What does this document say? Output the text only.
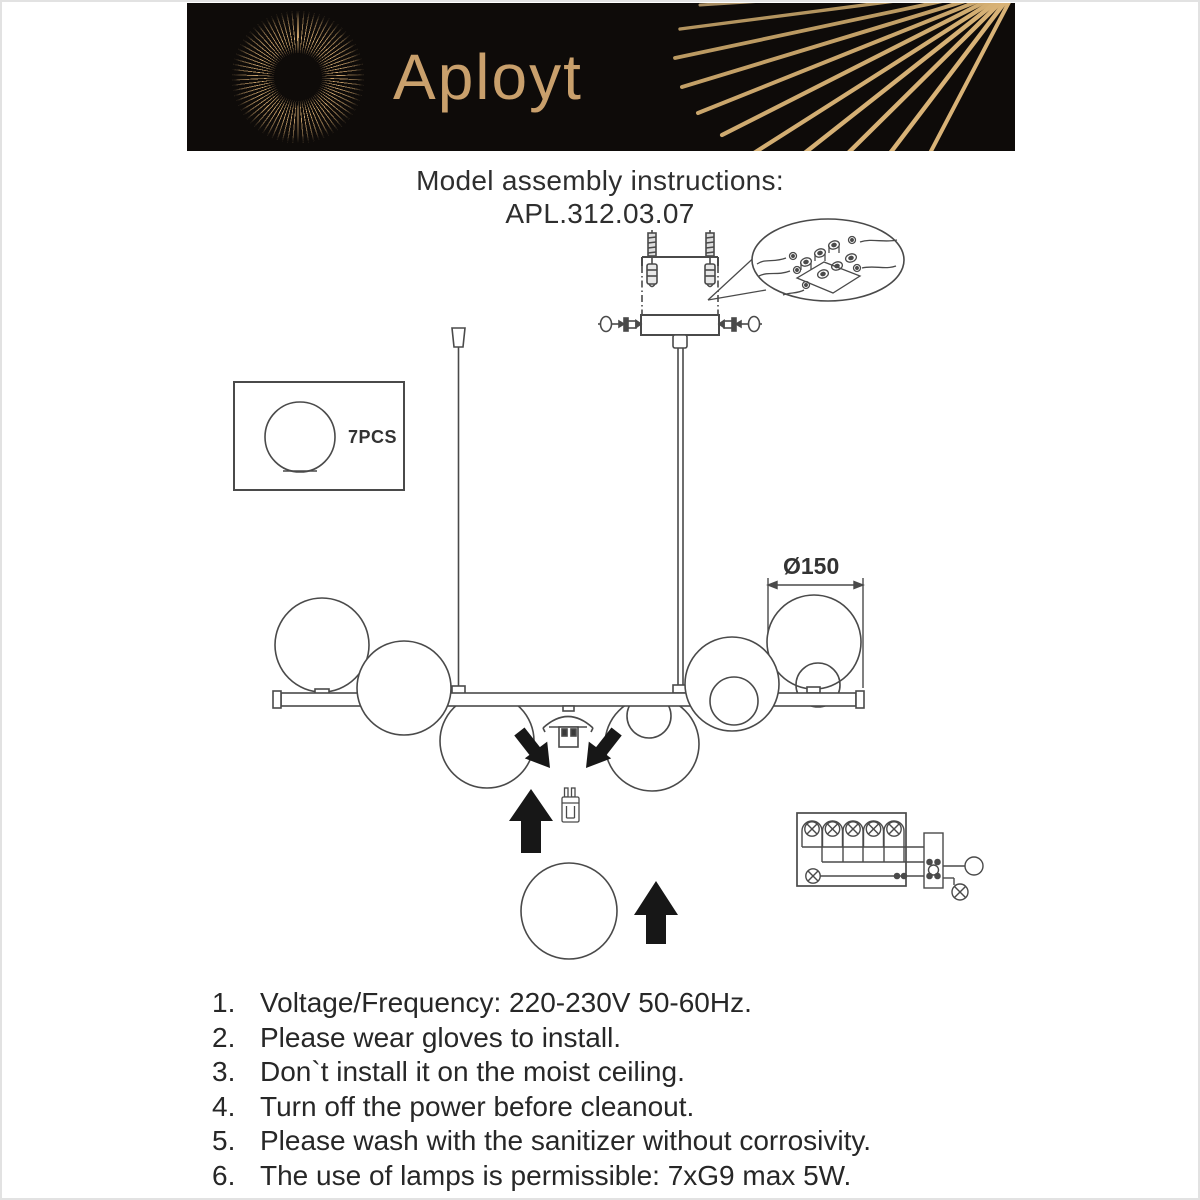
Aployt
Model assembly instructions:
APL.312.03.07
7PCS
Ø150
1. Voltage/Frequency: 220-230V 50-60Hz.
2. Please wear gloves to install.
3. Don`t install it on the moist ceiling.
4. Turn off the power before cleanout.
5. Please wash with the sanitizer without corrosivity.
6. The use of lamps is permissible: 7xG9 max 5W.
